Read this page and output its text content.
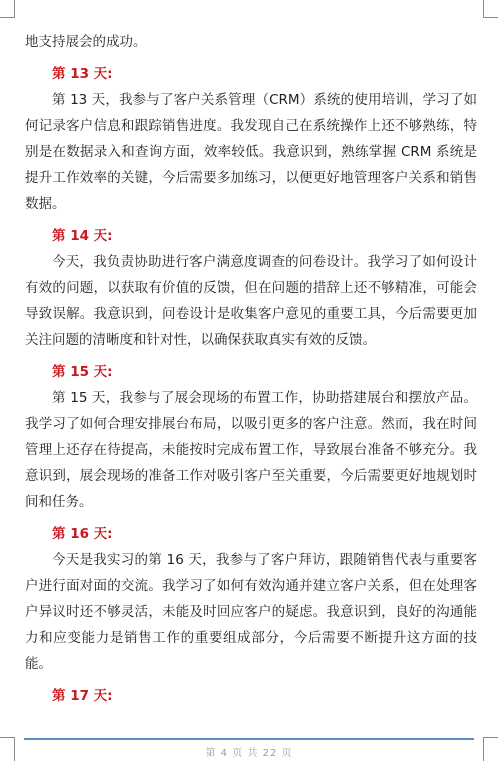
地支持展会的成功。

第 13 天:

第 13 天，我参与了客户关系管理（CRM）系统的使用培训，学习了如何记录客户信息和跟踪销售进度。我发现自己在系统操作上还不够熟练，特别是在数据录入和查询方面，效率较低。我意识到，熟练掌握 CRM 系统是提升工作效率的关键，今后需要多加练习，以便更好地管理客户关系和销售数据。

第 14 天:

今天，我负责协助进行客户满意度调查的问卷设计。我学习了如何设计有效的问题，以获取有价值的反馈，但在问题的措辞上还不够精准，可能会导致误解。我意识到，问卷设计是收集客户意见的重要工具，今后需要更加关注问题的清晰度和针对性，以确保获取真实有效的反馈。

第 15 天:

第 15 天，我参与了展会现场的布置工作，协助搭建展台和摆放产品。我学习了如何合理安排展台布局，以吸引更多的客户注意。然而，我在时间管理上还存在待提高，未能按时完成布置工作，导致展台准备不够充分。我意识到，展会现场的准备工作对吸引客户至关重要，今后需要更好地规划时间和任务。

第 16 天:

今天是我实习的第 16 天，我参与了客户拜访，跟随销售代表与重要客户进行面对面的交流。我学习了如何有效沟通并建立客户关系，但在处理客户异议时还不够灵活，未能及时回应客户的疑虑。我意识到，良好的沟通能力和应变能力是销售工作的重要组成部分，今后需要不断提升这方面的技能。

第 17 天:

第 4 页 共 22 页
